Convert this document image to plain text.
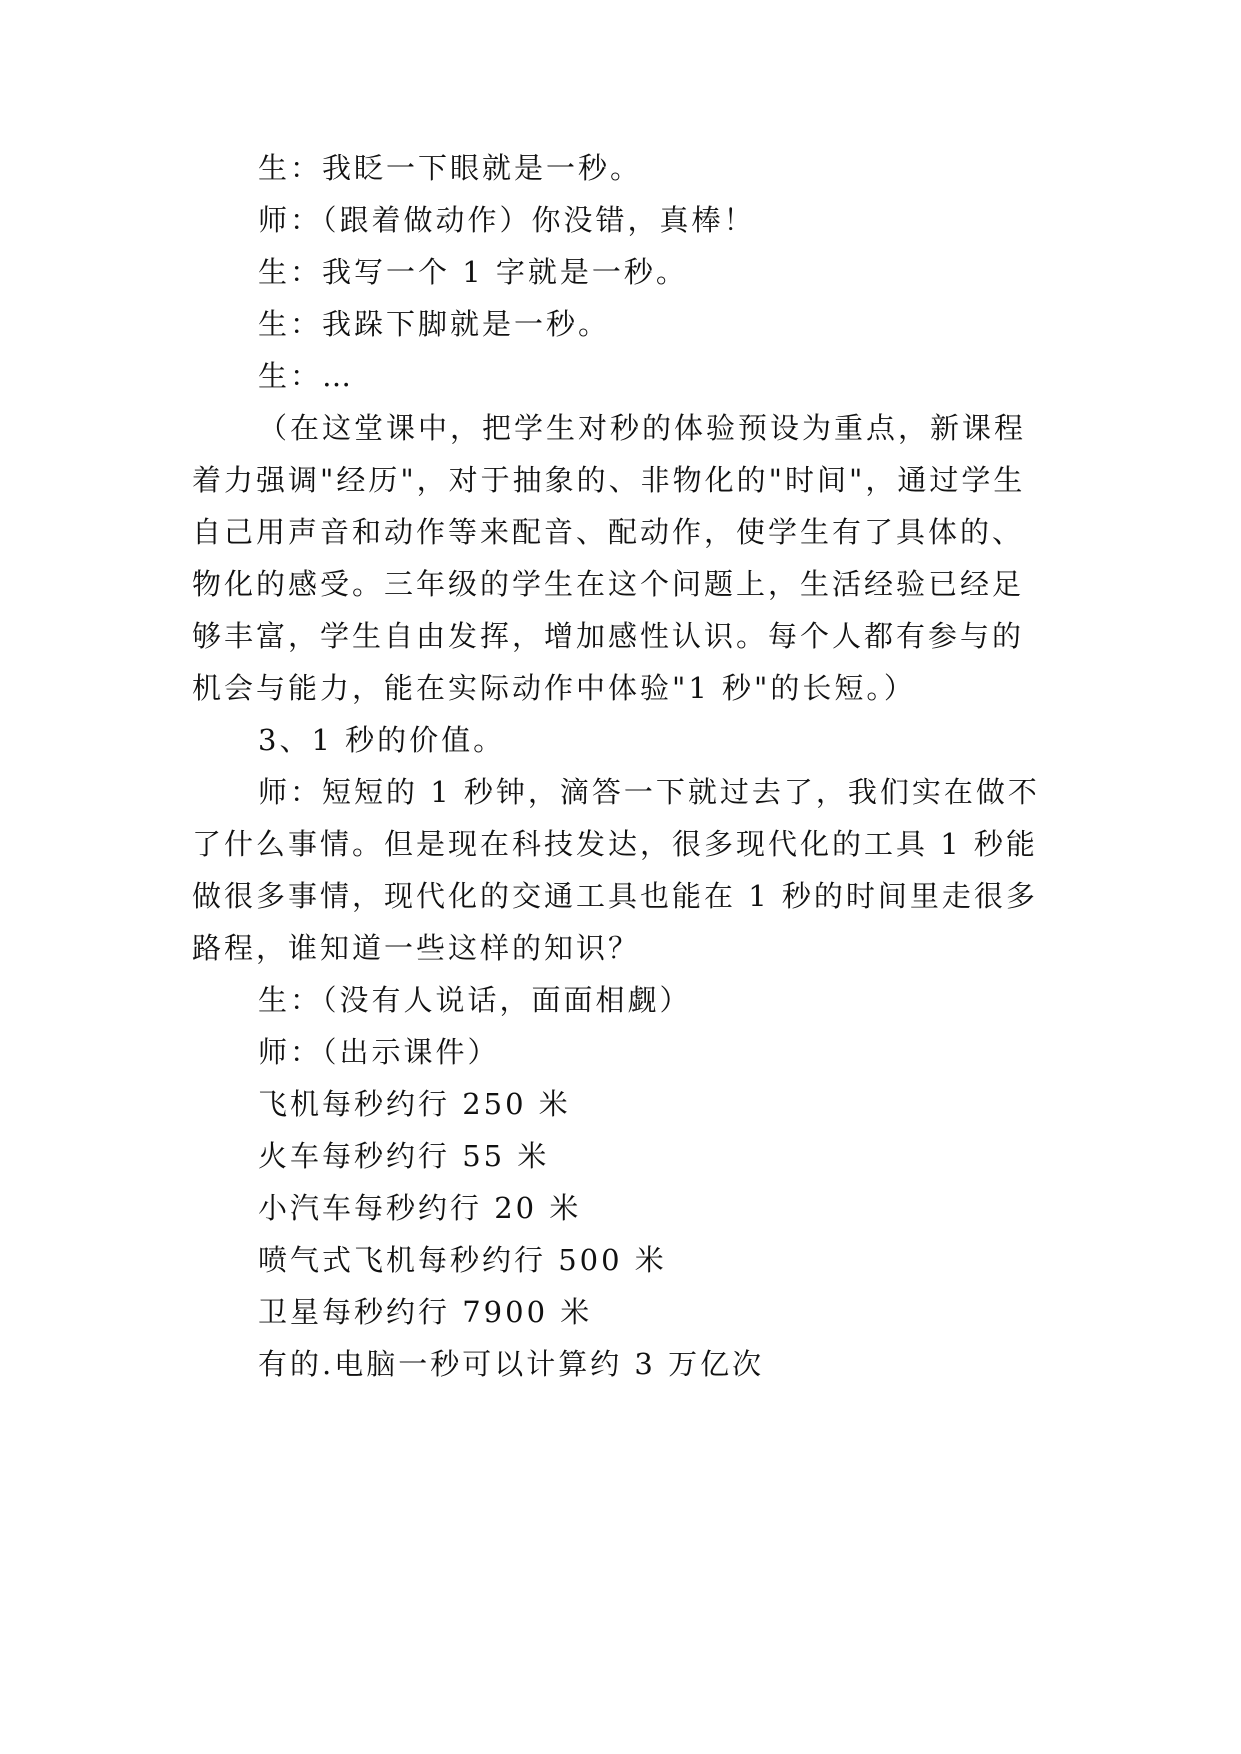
生：我眨一下眼就是一秒。
师：（跟着做动作）你没错，真棒！
生：我写一个 1 字就是一秒。
生：我跺下脚就是一秒。
生：…
（在这堂课中，把学生对秒的体验预设为重点，新课程
着力强调"经历"，对于抽象的、非物化的"时间"，通过学生
自己用声音和动作等来配音、配动作，使学生有了具体的、
物化的感受。三年级的学生在这个问题上，生活经验已经足
够丰富，学生自由发挥，增加感性认识。每个人都有参与的
机会与能力，能在实际动作中体验"1 秒"的长短。）
3、1 秒的价值。
师：短短的 1 秒钟，滴答一下就过去了，我们实在做不
了什么事情。但是现在科技发达，很多现代化的工具 1 秒能
做很多事情，现代化的交通工具也能在 1 秒的时间里走很多
路程，谁知道一些这样的知识？
生：（没有人说话，面面相觑）
师：（出示课件）
飞机每秒约行 250 米
火车每秒约行 55 米
小汽车每秒约行 20 米
喷气式飞机每秒约行 500 米
卫星每秒约行 7900 米
有的.电脑一秒可以计算约 3 万亿次
